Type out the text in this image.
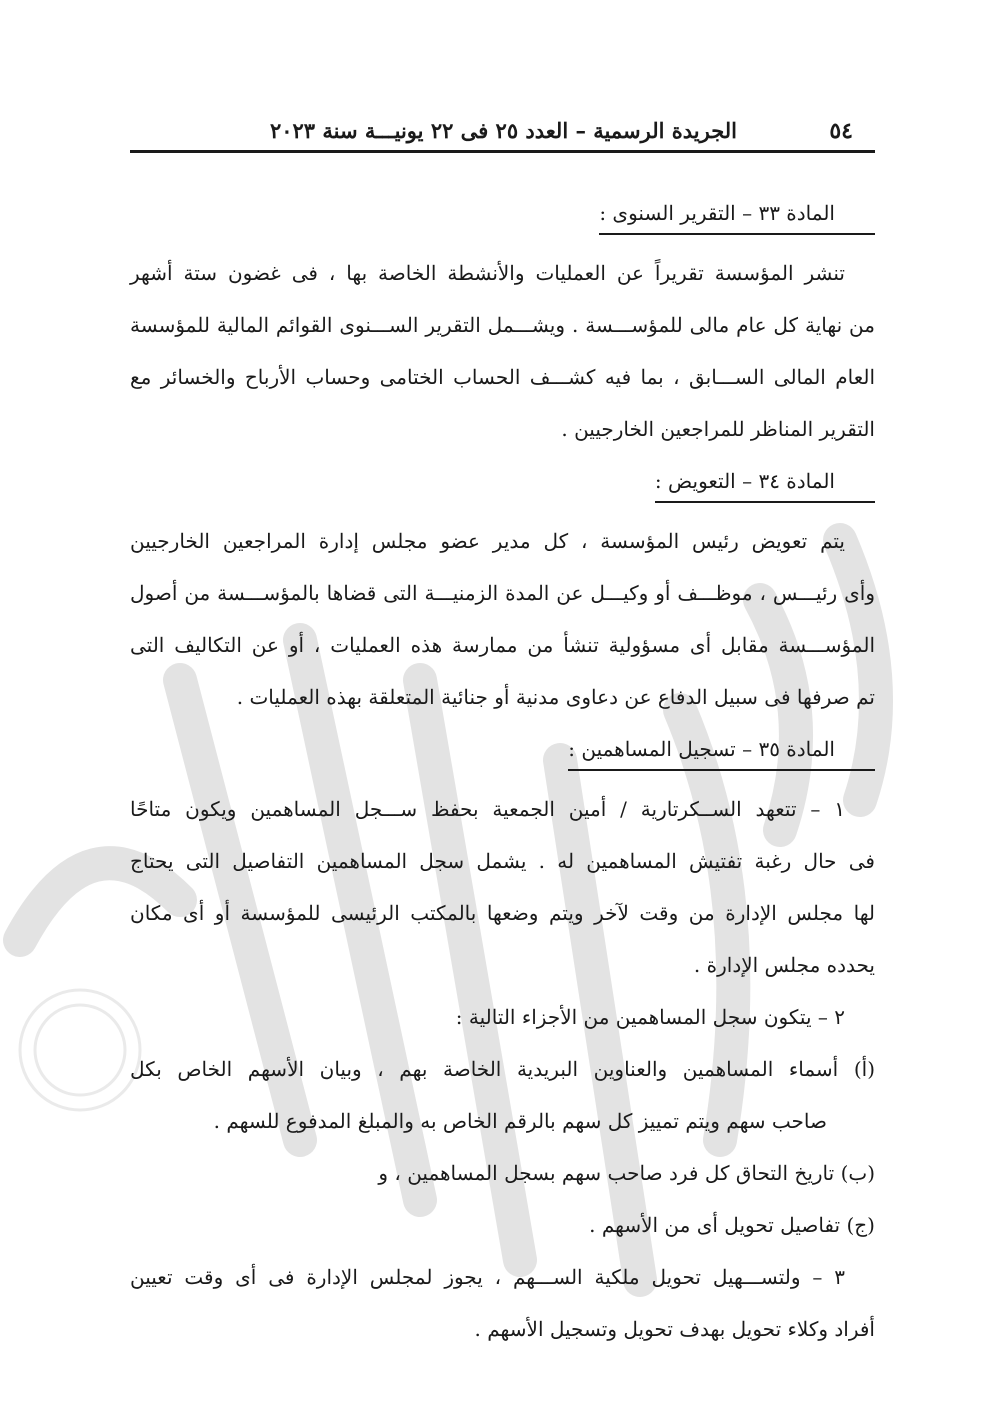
٥٤
الجريدة الرسمية – العدد ٢٥ فى ٢٢ يونيـــة سنة ٢٠٢٣
المادة ٣٣ – التقرير السنوى :
تنشر المؤسسة تقريراً عن العمليات والأنشطة الخاصة بها ، فى غضون ستة أشهر
من نهاية كل عام مالى للمؤســـسة . ويشـــمل التقرير الســـنوى القوائم المالية للمؤسسة
العام المالى الســـابق ، بما فيه كشـــف الحساب الختامى وحساب الأرباح والخسائر مع
التقرير المناظر للمراجعين الخارجيين .
المادة ٣٤ – التعويض :
يتم تعويض رئيس المؤسسة ، كل مدير عضو مجلس إدارة المراجعين الخارجيين
وأى رئيـــس ، موظـــف أو وكيـــل عن المدة الزمنيـــة التى قضاها بالمؤســـسة من أصول
المؤســـسة مقابل أى مسؤولية تنشأ من ممارسة هذه العمليات ، أو عن التكاليف التى
تم صرفها فى سبيل الدفاع عن دعاوى مدنية أو جنائية المتعلقة بهذه العمليات .
المادة ٣٥ – تسجيل المساهمين :
١ – تتعهد الســكرتارية / أمين الجمعية بحفظ ســـجل المساهمين ويكون متاحًا
فى حال رغبة تفتيش المساهمين له . يشمل سجل المساهمين التفاصيل التى يحتاج
لها مجلس الإدارة من وقت لآخر ويتم وضعها بالمكتب الرئيسى للمؤسسة أو أى مكان
يحدده مجلس الإدارة .
٢ – يتكون سجل المساهمين من الأجزاء التالية :
(أ) أسماء المساهمين والعناوين البريدية الخاصة بهم ، وبيان الأسهم الخاص بكل
صاحب سهم ويتم تمييز كل سهم بالرقم الخاص به والمبلغ المدفوع للسهم .
(ب) تاريخ التحاق كل فرد صاحب سهم بسجل المساهمين ، و
(ج) تفاصيل تحويل أى من الأسهم .
٣ – ولتســـهيل تحويل ملكية الســـهم ، يجوز لمجلس الإدارة فى أى وقت تعيين
أفراد وكلاء تحويل بهدف تحويل وتسجيل الأسهم .
